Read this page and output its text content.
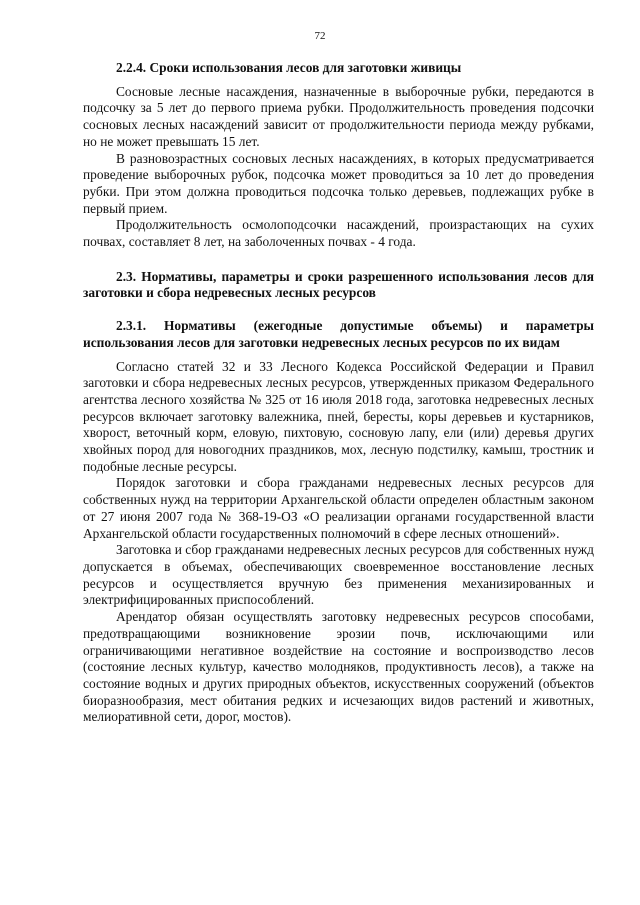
72
2.2.4. Сроки использования лесов для заготовки живицы

Сосновые лесные насаждения, назначенные в выборочные рубки, передаются в подсочку за 5 лет до первого приема рубки. Продолжительность проведения подсочки сосновых лесных насаждений зависит от продолжительности периода между рубками, но не может превышать 15 лет.

В разновозрастных сосновых лесных насаждениях, в которых предусматривается проведение выборочных рубок, подсочка может проводиться за 10 лет до проведения рубки. При этом должна проводиться подсочка только деревьев, подлежащих рубке в первый прием.

Продолжительность осмолоподсочки насаждений, произрастающих на сухих почвах, составляет 8 лет, на заболоченных почвах - 4 года.

2.3. Нормативы, параметры и сроки разрешенного использования лесов для заготовки и сбора недревесных лесных ресурсов
2.3.1. Нормативы (ежегодные допустимые объемы) и параметры использования лесов для заготовки недревесных лесных ресурсов по их видам

Согласно статей 32 и 33 Лесного Кодекса Российской Федерации и Правил заготовки и сбора недревесных лесных ресурсов, утвержденных приказом Федерального агентства лесного хозяйства № 325 от 16 июля 2018 года, заготовка недревесных лесных ресурсов включает заготовку валежника, пней, бересты, коры деревьев и кустарников, хворост, веточный корм, еловую, пихтовую, сосновую лапу, ели (или) деревья других хвойных пород для новогодних праздников, мох, лесную подстилку, камыш, тростник и подобные лесные ресурсы.

Порядок заготовки и сбора гражданами недревесных лесных ресурсов для собственных нужд на территории Архангельской области определен областным законом от 27 июня 2007 года № 368-19-ОЗ «О реализации органами государственной власти Архангельской области государственных полномочий в сфере лесных отношений».

Заготовка и сбор гражданами недревесных лесных ресурсов для собственных нужд допускается в объемах, обеспечивающих своевременное восстановление лесных ресурсов и осуществляется вручную без применения механизированных и электрифицированных приспособлений.

Арендатор обязан осуществлять заготовку недревесных ресурсов способами, предотвращающими возникновение эрозии почв, исключающими или ограничивающими негативное воздействие на состояние и воспроизводство лесов (состояние лесных культур, качество молодняков, продуктивность лесов), а также на состояние водных и других природных объектов, искусственных сооружений (объектов биоразнообразия, мест обитания редких и исчезающих видов растений и животных, мелиоративной сети, дорог, мостов).
